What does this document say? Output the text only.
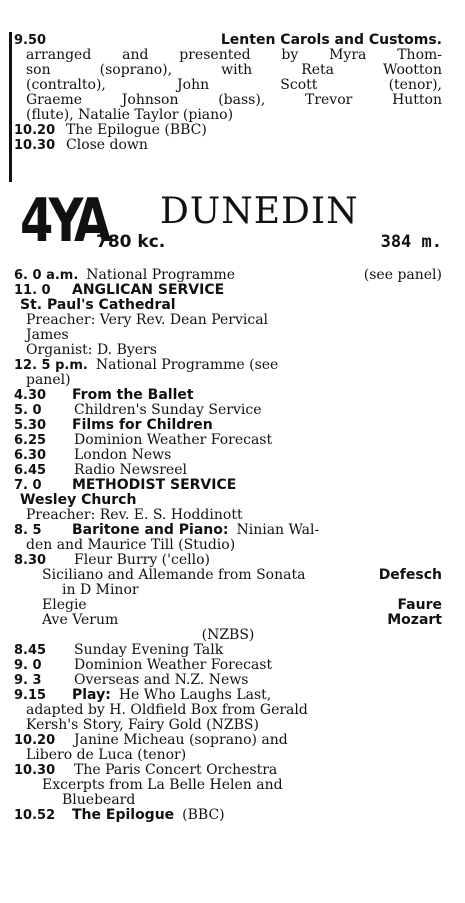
9.50	Lenten Carols and Customs.
arranged and presented by Myra Thom-
son (soprano), with Reta Wootton
(contralto), John Scott (tenor),
Graeme Johnson (bass), Trevor Hutton
(flute), Natalie Taylor (piano)
10.20 The Epilogue (BBC)
10.30 Close down
4YA DUNEDIN
780 kc.	384 m.
6. 0 a.m. National Programme	(see panel)
11. 0 ANGLICAN SERVICE
St. Paul's Cathedral
Preacher: Very Rev. Dean Pervical
James
Organist: D. Byers
12. 5 p.m. National Programme (see
panel)
4.30 From the Ballet
5. 0 Children's Sunday Service
5.30 Films for Children
6.25 Dominion Weather Forecast
6.30 London News
6.45 Radio Newsreel
7. 0 METHODIST SERVICE
Wesley Church
Preacher: Rev. E. S. Hoddinott
8. 5 Baritone and Piano: Ninian Wal-
den and Maurice Till (Studio)
8.30 Fleur Burry ('cello)
Siciliano and Allemande from Sonata	Defesch
in D Minor
Elegie	Faure
Ave Verum	Mozart
(NZBS)
8.45 Sunday Evening Talk
9. 0 Dominion Weather Forecast
9. 3 Overseas and N.Z. News
9.15 Play: He Who Laughs Last,
adapted by H. Oldfield Box from Gerald
Kersh's Story, Fairy Gold (NZBS)
10.20 Janine Micheau (soprano) and
Libero de Luca (tenor)
10.30 The Paris Concert Orchestra
Excerpts from La Belle Helen and
Bluebeard
10.52 The Epilogue (BBC)
